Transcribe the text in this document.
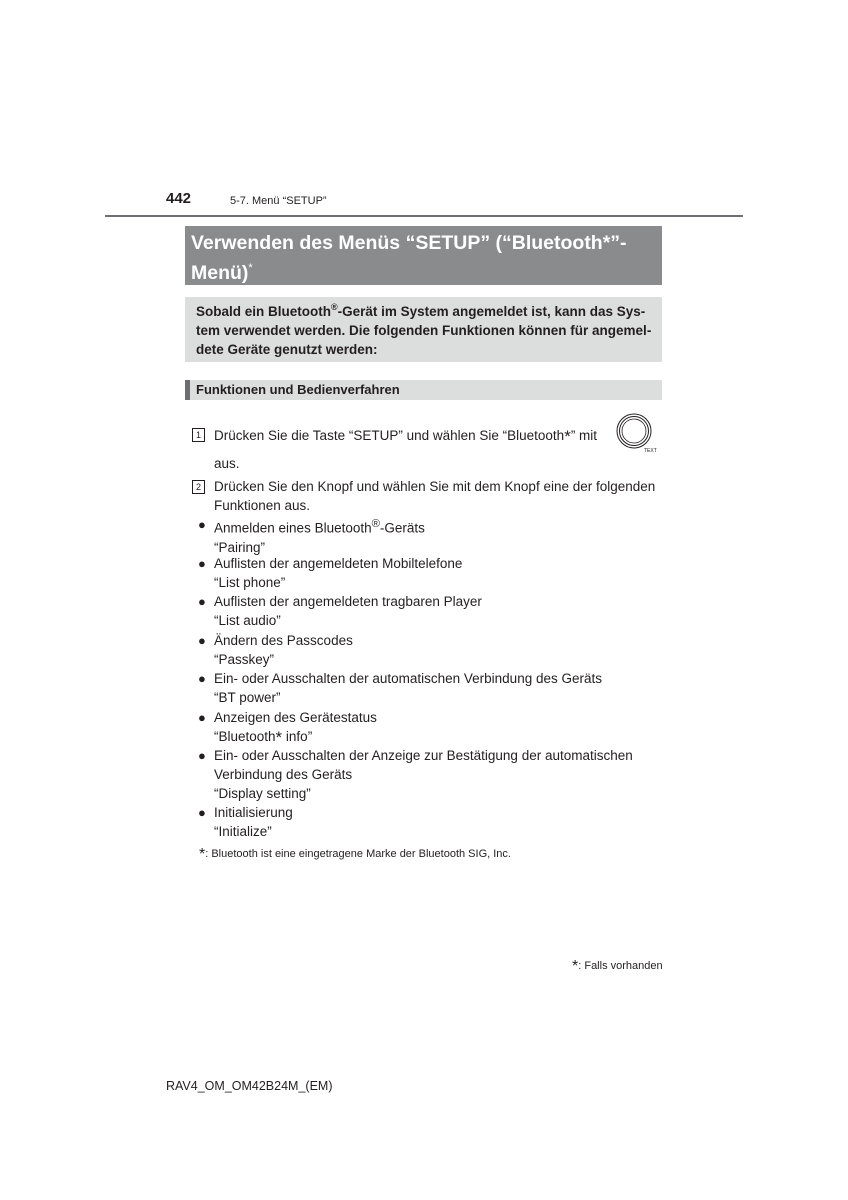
442	5-7. Menü “SETUP”
Verwenden des Menüs “SETUP” (“Bluetooth*”-
Menü)*
Sobald ein Bluetooth®-Gerät im System angemeldet ist, kann das Sys-
tem verwendet werden. Die folgenden Funktionen können für angemel-
dete Geräte genutzt werden:
Funktionen und Bedienverfahren
1 Drücken Sie die Taste “SETUP” und wählen Sie “Bluetooth*” mit
TEXT
aus.
2 Drücken Sie den Knopf und wählen Sie mit dem Knopf eine der folgenden
Funktionen aus.
● Anmelden eines Bluetooth®-Geräts
“Pairing”
● Auflisten der angemeldeten Mobiltelefone
“List phone”
● Auflisten der angemeldeten tragbaren Player
“List audio”
● Ändern des Passcodes
“Passkey”
● Ein- oder Ausschalten der automatischen Verbindung des Geräts
“BT power”
● Anzeigen des Gerätestatus
“Bluetooth* info”
● Ein- oder Ausschalten der Anzeige zur Bestätigung der automatischen
Verbindung des Geräts
“Display setting”
● Initialisierung
“Initialize”
*: Bluetooth ist eine eingetragene Marke der Bluetooth SIG, Inc.
*: Falls vorhanden
RAV4_OM_OM42B24M_(EM)
